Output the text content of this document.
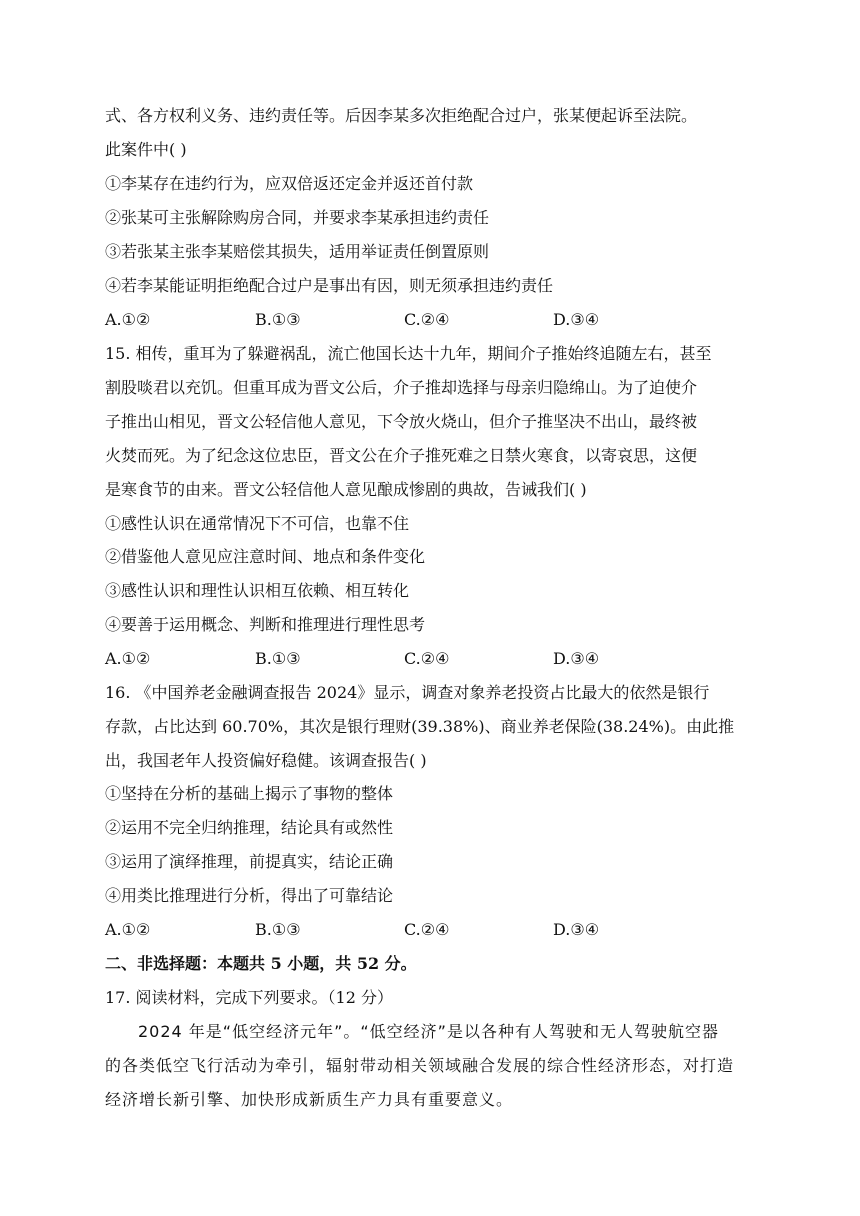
式、各方权利义务、违约责任等。后因李某多次拒绝配合过户，张某便起诉至法院。
此案件中( )
①李某存在违约行为，应双倍返还定金并返还首付款
②张某可主张解除购房合同，并要求李某承担违约责任
③若张某主张李某赔偿其损失，适用举证责任倒置原则
④若李某能证明拒绝配合过户是事出有因，则无须承担违约责任
A.①②	B.①③	C.②④	D.③④
15. 相传，重耳为了躲避祸乱，流亡他国长达十九年，期间介子推始终追随左右，甚至
割股啖君以充饥。但重耳成为晋文公后，介子推却选择与母亲归隐绵山。为了迫使介
子推出山相见，晋文公轻信他人意见，下令放火烧山，但介子推坚决不出山，最终被
火焚而死。为了纪念这位忠臣，晋文公在介子推死难之日禁火寒食，以寄哀思，这便
是寒食节的由来。晋文公轻信他人意见酿成惨剧的典故，告诫我们( )
①感性认识在通常情况下不可信，也靠不住
②借鉴他人意见应注意时间、地点和条件变化
③感性认识和理性认识相互依赖、相互转化
④要善于运用概念、判断和推理进行理性思考
A.①②	B.①③	C.②④	D.③④
16. 《中国养老金融调查报告 2024》显示，调查对象养老投资占比最大的依然是银行
存款，占比达到 60.70%，其次是银行理财(39.38%)、商业养老保险(38.24%)。由此推
出，我国老年人投资偏好稳健。该调查报告( )
①坚持在分析的基础上揭示了事物的整体
②运用不完全归纳推理，结论具有或然性
③运用了演绎推理，前提真实，结论正确
④用类比推理进行分析，得出了可靠结论
A.①②	B.①③	C.②④	D.③④
二、非选择题：本题共 5 小题，共 52 分。
17. 阅读材料，完成下列要求。（12 分）
2024 年是“低空经济元年”。“低空经济”是以各种有人驾驶和无人驾驶航空器
的各类低空飞行活动为牵引，辐射带动相关领域融合发展的综合性经济形态，对打造
经济增长新引擎、加快形成新质生产力具有重要意义。
